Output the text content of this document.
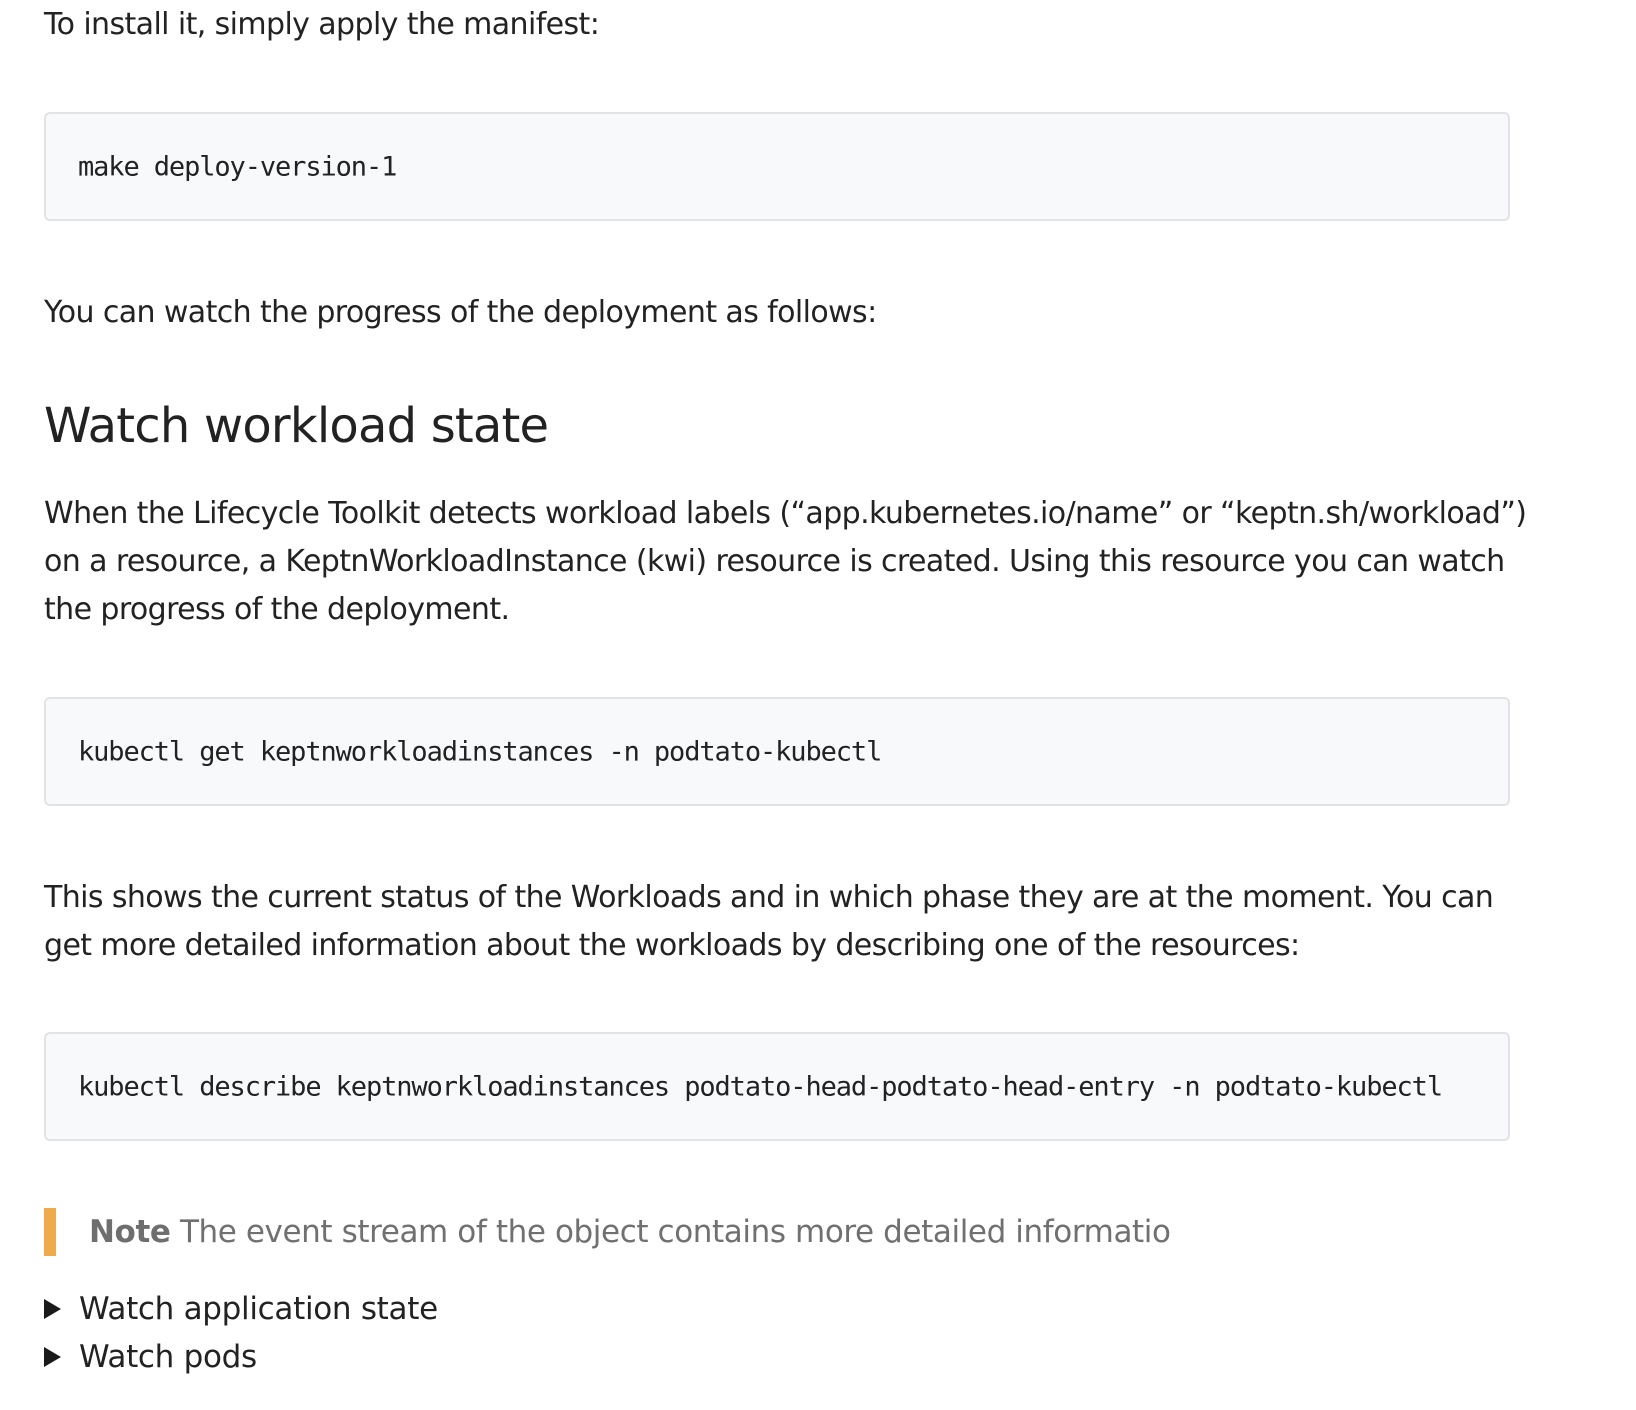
To install it, simply apply the manifest:

make deploy-version-1

You can watch the progress of the deployment as follows:

Watch workload state

When the Lifecycle Toolkit detects workload labels (“app.kubernetes.io/name” or “keptn.sh/workload”) on a resource, a KeptnWorkloadInstance (kwi) resource is created. Using this resource you can watch the progress of the deployment.

kubectl get keptnworkloadinstances -n podtato-kubectl

This shows the current status of the Workloads and in which phase they are at the moment. You can get more detailed information about the workloads by describing one of the resources:

kubectl describe keptnworkloadinstances podtato-head-podtato-head-entry -n podtato-kubectl
Note The event stream of the object contains more detailed informatio
Watch application state
Watch pods
